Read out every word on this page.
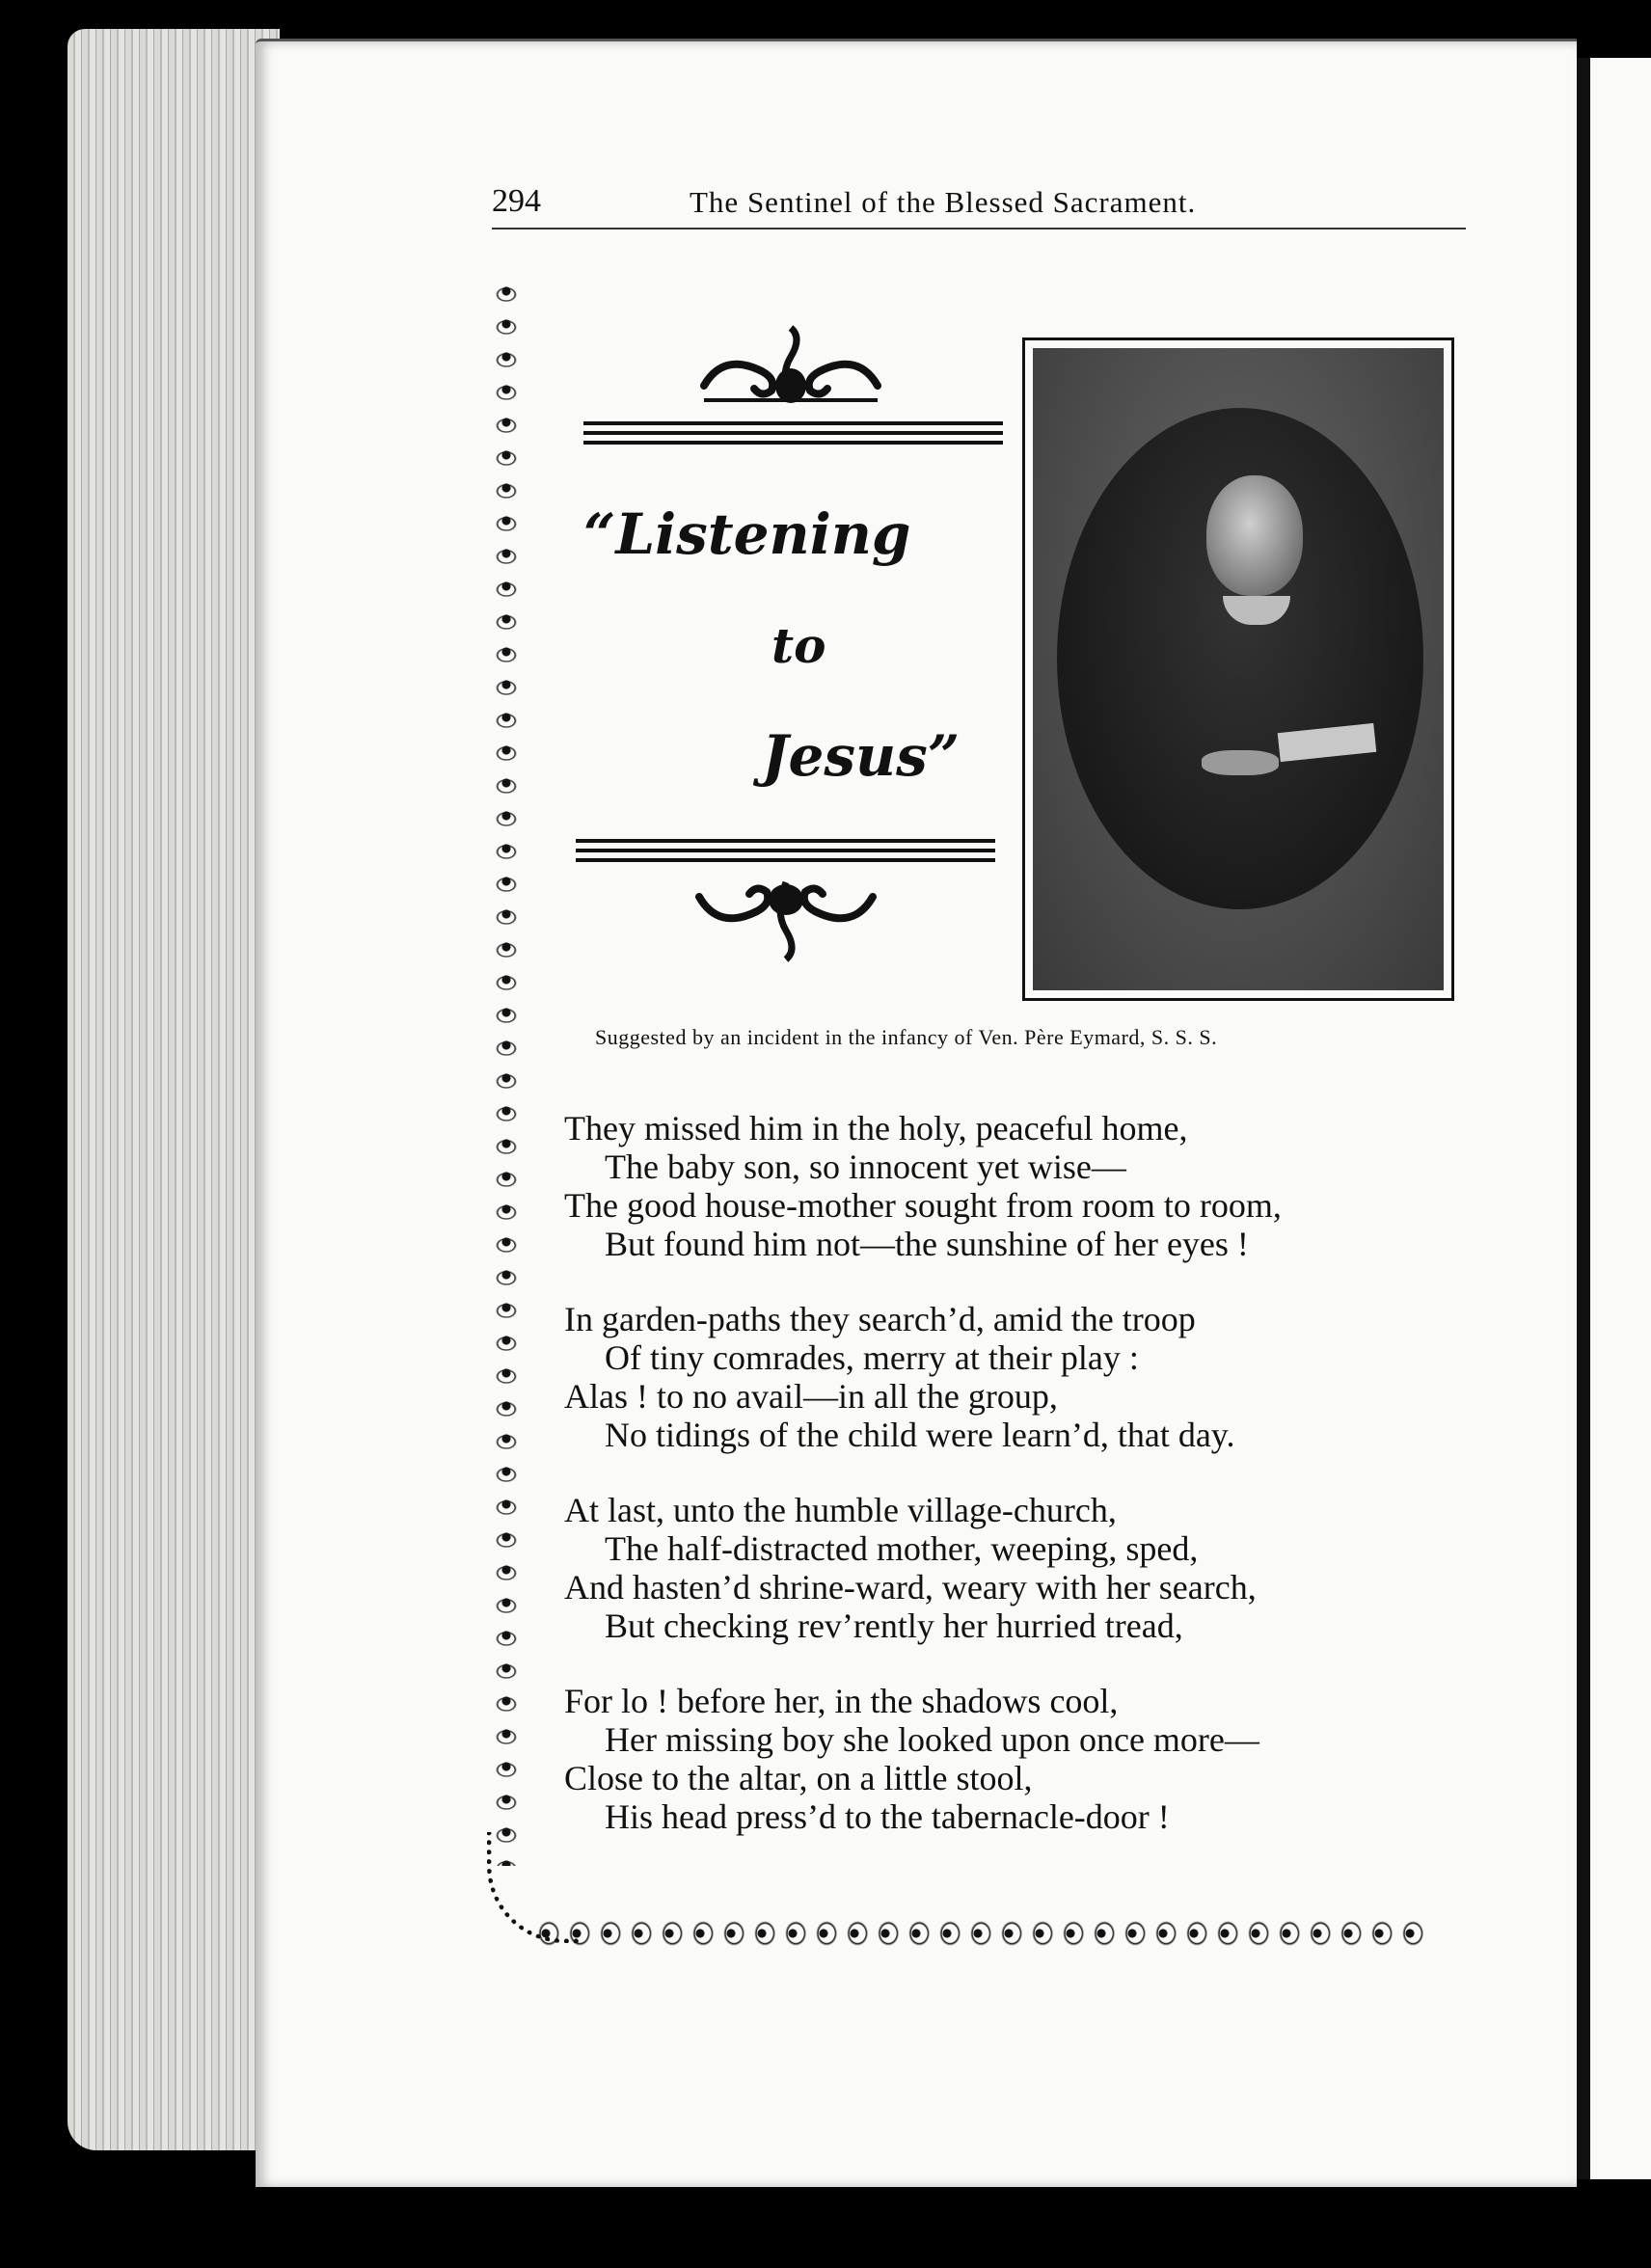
294	The Sentinel of the Blessed Sacrament.
“Listening
to
Jesus”
Suggested by an incident in the infancy of Ven. Père Eymard, S. S. S.
They missed him in the holy, peaceful home,
The baby son, so innocent yet wise—
The good house-mother sought from room to room,
But found him not—the sunshine of her eyes !
In garden-paths they search’d, amid the troop
Of tiny comrades, merry at their play :
Alas ! to no avail—in all the group,
No tidings of the child were learn’d, that day.
At last, unto the humble village-church,
The half-distracted mother, weeping, sped,
And hasten’d shrine-ward, weary with her search,
But checking rev’rently her hurried tread,
For lo ! before her, in the shadows cool,
Her missing boy she looked upon once more—
Close to the altar, on a little stool,
His head press’d to the tabernacle-door !
